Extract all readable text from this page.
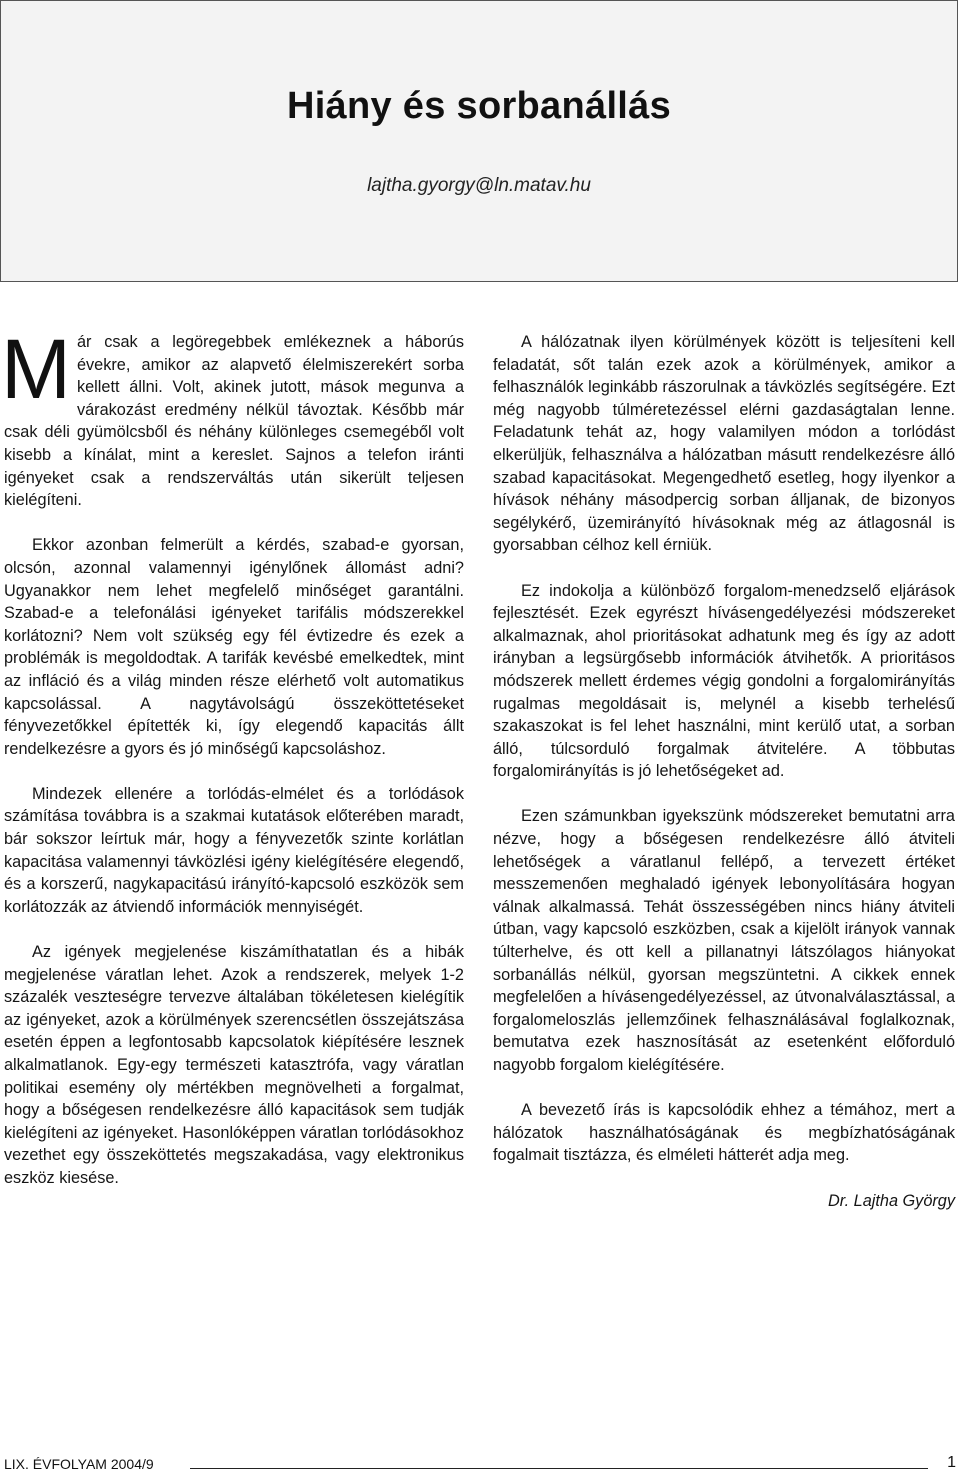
Hiány és sorbanállás
lajtha.gyorgy@ln.matav.hu

Már csak a legöregebbek emlékeznek a háborús évekre, amikor az alapvető élelmiszerekért sorba kellett állni. Volt, akinek jutott, mások megunva a várakozást eredmény nélkül távoztak. Később már csak déli gyümölcsből és néhány különleges csemegéből volt kisebb a kínálat, mint a kereslet. Sajnos a telefon iránti igényeket csak a rendszerváltás után sikerült teljesen kielégíteni.

Ekkor azonban felmerült a kérdés, szabad-e gyorsan, olcsón, azonnal valamennyi igénylőnek állomást adni? Ugyanakkor nem lehet megfelelő minőséget garantálni. Szabad-e a telefonálási igényeket tarifális módszerekkel korlátozni? Nem volt szükség egy fél évtizedre és ezek a problémák is megoldodtak. A tarifák kevésbé emelkedtek, mint az infláció és a világ minden része elérhető volt automatikus kapcsolással. A nagytávolságú összeköttetéseket fényvezetőkkel építették ki, így elegendő kapacitás állt rendelkezésre a gyors és jó minőségű kapcsoláshoz.

Mindezek ellenére a torlódás-elmélet és a torlódások számítása továbbra is a szakmai kutatások előterében maradt, bár sokszor leírtuk már, hogy a fényvezetők szinte korlátlan kapacitása valamennyi távközlési igény kielégítésére elegendő, és a korszerű, nagykapacitású irányító-kapcsoló eszközök sem korlátozzák az átviendő információk mennyiségét.

Az igények megjelenése kiszámíthatatlan és a hibák megjelenése váratlan lehet. Azok a rendszerek, melyek 1-2 százalék veszteségre tervezve általában tökéletesen kielégítik az igényeket, azok a körülmények szerencsétlen összejátszása esetén éppen a legfontosabb kapcsolatok kiépítésére lesznek alkalmatlanok. Egy-egy természeti katasztrófa, vagy váratlan politikai esemény oly mértékben megnövelheti a forgalmat, hogy a bőségesen rendelkezésre álló kapacitások sem tudják kielégíteni az igényeket. Hasonlóképpen váratlan torlódásokhoz vezethet egy összeköttetés megszakadása, vagy elektronikus eszköz kiesése.

A hálózatnak ilyen körülmények között is teljesíteni kell feladatát, sőt talán ezek azok a körülmények, amikor a felhasználók leginkább rászorulnak a távközlés segítségére. Ezt még nagyobb túlméretezéssel elérni gazdaságtalan lenne. Feladatunk tehát az, hogy valamilyen módon a torlódást elkerüljük, felhasználva a hálózatban másutt rendelkezésre álló szabad kapacitásokat. Megengedhető esetleg, hogy ilyenkor a hívások néhány másodpercig sorban álljanak, de bizonyos segélykérő, üzemirányító hívásoknak még az átlagosnál is gyorsabban célhoz kell érniük.

Ez indokolja a különböző forgalom-menedzselő eljárások fejlesztését. Ezek egyrészt hívásengedélyezési módszereket alkalmaznak, ahol prioritásokat adhatunk meg és így az adott irányban a legsürgősebb információk átvihetők. A prioritásos módszerek mellett érdemes végig gondolni a forgalomirányítás rugalmas megoldásait is, melynél a kisebb terhelésű szakaszokat is fel lehet használni, mint kerülő utat, a sorban álló, túlcsorduló forgalmak átvitelére. A többutas forgalomirányítás is jó lehetőségeket ad.

Ezen számunkban igyekszünk módszereket bemutatni arra nézve, hogy a bőségesen rendelkezésre álló átviteli lehetőségek a váratlanul fellépő, a tervezett értéket messzemenően meghaladó igények lebonyolítására hogyan válnak alkalmassá. Tehát összességében nincs hiány átviteli útban, vagy kapcsoló eszközben, csak a kijelölt irányok vannak túlterhelve, és ott kell a pillanatnyi látszólagos hiányokat sorbanállás nélkül, gyorsan megszüntetni. A cikkek ennek megfelelően a hívásengedélyezéssel, az útvonalválasztással, a forgalomeloszlás jellemzőinek felhasználásával foglalkoznak, bemutatva ezek hasznosítását az esetenként előforduló nagyobb forgalom kielégítésére.

A bevezető írás is kapcsolódik ehhez a témához, mert a hálózatok használhatóságának és megbízhatóságának fogalmait tisztázza, és elméleti hátterét adja meg.

Dr. Lajtha György

LIX. ÉVFOLYAM 2004/9	1
